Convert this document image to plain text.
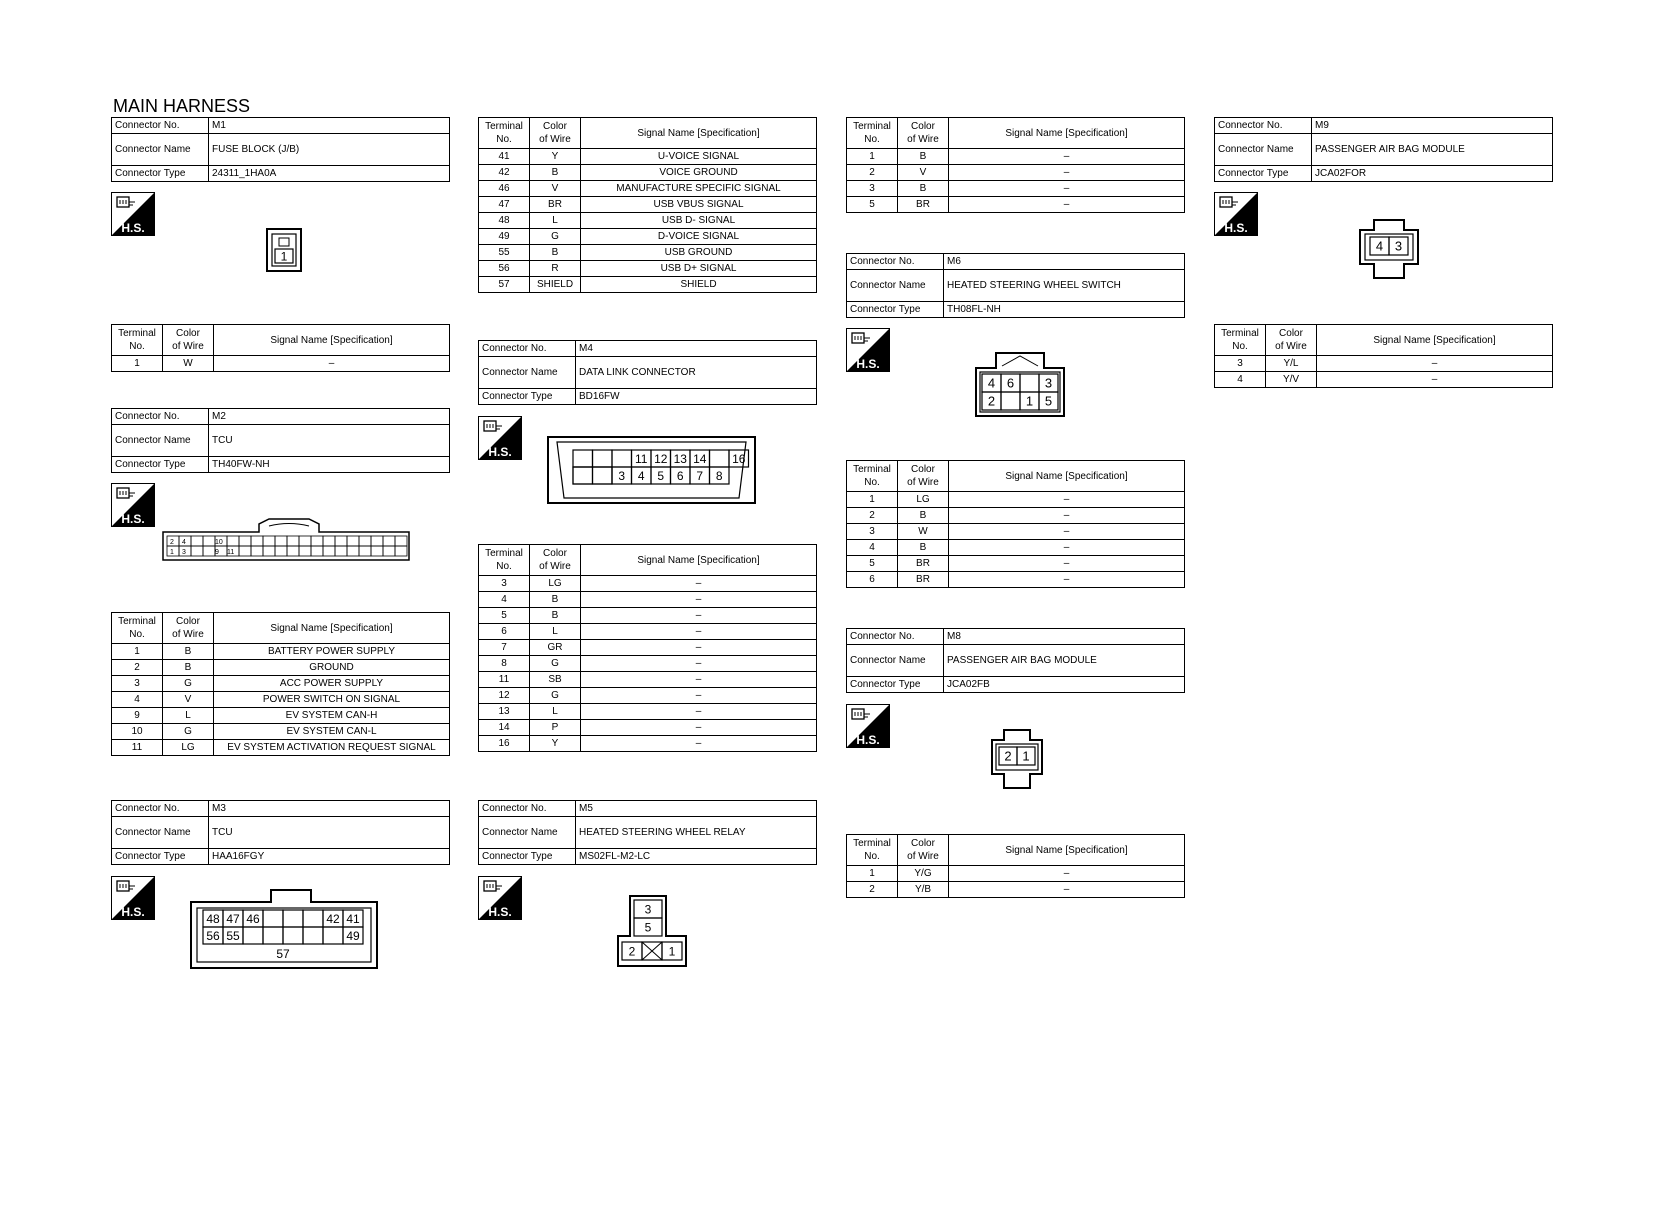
MAIN HARNESS
Connector No.	M1
Connector Name	FUSE BLOCK (J/B)
Connector Type	24311_1HA0A
H.S.
1
Terminal
No.	Color
of Wire	Signal Name [Specification]
1	W	–
Connector No.	M2
Connector Name	TCU
Connector Type	TH40FW-NH
H.S.
2 4	10
1 3	9 11
Terminal
No.	Color
of Wire	Signal Name [Specification]
1	B	BATTERY POWER SUPPLY
2	B	GROUND
3	G	ACC POWER SUPPLY
4	V	POWER SWITCH ON SIGNAL
9	L	EV SYSTEM CAN-H
10	G	EV SYSTEM CAN-L
11	LG	EV SYSTEM ACTIVATION REQUEST SIGNAL
Connector No.	M3
Connector Name	TCU
Connector Type	HAA16FGY
H.S.	48
56
47
55
46	42 41
49
57
Terminal
No.	Color
of Wire	Signal Name [Specification]
41	Y	U-VOICE SIGNAL
42	B	VOICE GROUND
46	V	MANUFACTURE SPECIFIC SIGNAL
47	BR	USB VBUS SIGNAL
48	L	USB D- SIGNAL
49	G	D-VOICE SIGNAL
55	B	USB GROUND
56	R	USB D+ SIGNAL
57	SHIELD	SHIELD
Connector No.	M4
Connector Name	DATA LINK CONNECTOR
Connector Type	BD16FW
H.S.	11 12 13 14 16
3 4 5 6 7 8
Terminal
No.	Color
of Wire	Signal Name [Specification]
3	LG	–
4	B	–
5	B	–
6	L	–
7	GR	–
8	G	–
11	SB	–
12	G	–
13	L	–
14	P	–
16	Y	–
Connector No.	M5
Connector Name	HEATED STEERING WHEEL RELAY
Connector Type	MS02FL-M2-LC
H.S.	3
5
2	1
Terminal
No.	Color
of Wire	Signal Name [Specification]
1	B	–
2	V	–
3	B	–
5	BR	–
Connector No.	M6
Connector Name	HEATED STEERING WHEEL SWITCH
Connector Type	TH08FL-NH
H.S.
4 6 3
2 1 5
Terminal
No.	Color
of Wire	Signal Name [Specification]
1	LG	–
2	B	–
3	W	–
4	B	–
5	BR	–
6	BR	–
Connector No.	M8
Connector Name	PASSENGER AIR BAG MODULE
Connector Type	JCA02FB
H.S.
2 1
Terminal
No.	Color
of Wire	Signal Name [Specification]
1	Y/G	–
2	Y/B	–
Connector No.	M9
Connector Name	PASSENGER AIR BAG MODULE
Connector Type	JCA02FOR
H.S.
4 3
Terminal
No.	Color
of Wire	Signal Name [Specification]
3	Y/L	–
4	Y/V	–
